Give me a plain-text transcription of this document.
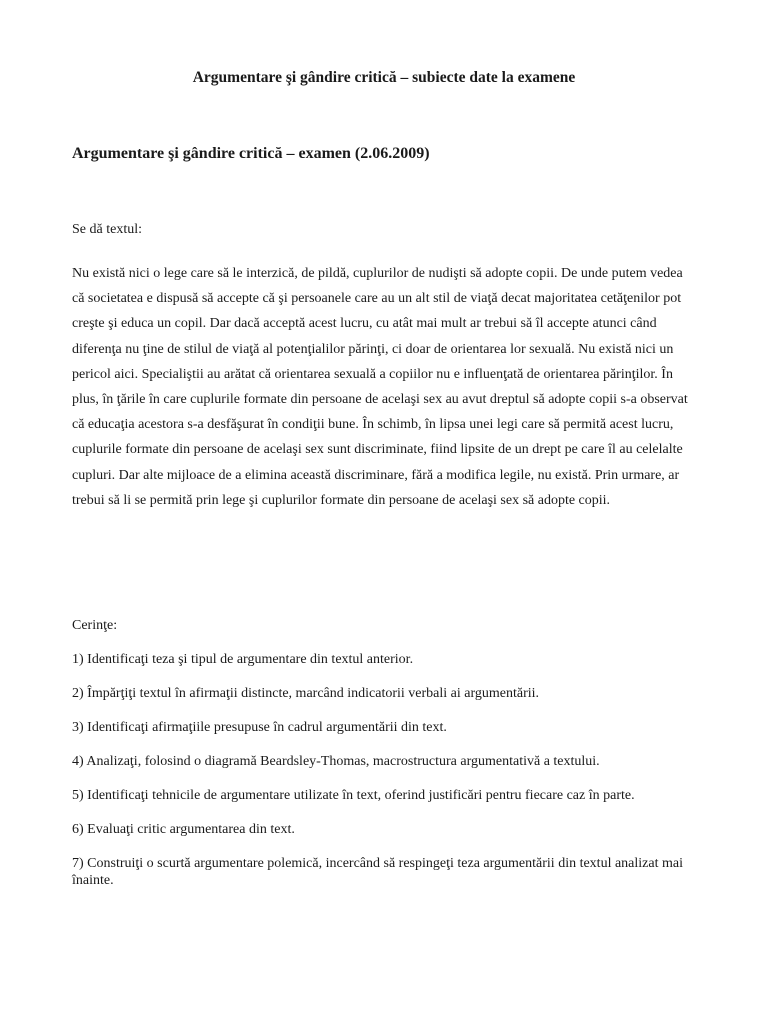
Argumentare şi gândire critică – subiecte date la examene
Argumentare şi gândire critică – examen (2.06.2009)

Se dă textul:

Nu există nici o lege care să le interzică, de pildă, cuplurilor de nudişti să adopte copii. De unde putem vedea că societatea e dispusă să accepte că şi persoanele care au un alt stil de viaţă decat majoritatea cetăţenilor pot creşte şi educa un copil. Dar dacă acceptă acest lucru, cu atât mai mult ar trebui să îl accepte atunci când diferenţa nu ţine de stilul de viaţă al potenţialilor părinţi, ci doar de orientarea lor sexuală. Nu există nici un pericol aici. Specialiştii au arătat că orientarea sexuală a copiilor nu e influenţată de orientarea părinţilor. În plus, în ţările în care cuplurile formate din persoane de acelaşi sex au avut dreptul să adopte copii s-a observat că educaţia acestora s-a desfăşurat în condiţii bune. În schimb, în lipsa unei legi care să permită acest lucru, cuplurile formate din persoane de acelaşi sex sunt discriminate, fiind lipsite de un drept pe care îl au celelalte cupluri. Dar alte mijloace de a elimina această discriminare, fără a modifica legile, nu există. Prin urmare, ar trebui să li se permită prin lege şi cuplurilor formate din persoane de acelaşi sex să adopte copii.

Cerinţe:

1) Identificaţi teza şi tipul de argumentare din textul anterior.
2) Împărţiţi textul în afirmaţii distincte, marcând indicatorii verbali ai argumentării.
3) Identificaţi afirmaţiile presupuse în cadrul argumentării din text.
4) Analizaţi, folosind o diagramă Beardsley-Thomas, macrostructura argumentativă a textului.
5) Identificaţi tehnicile de argumentare utilizate în text, oferind justificări pentru fiecare caz în parte.
6) Evaluaţi critic argumentarea din text.
7) Construiţi o scurtă argumentare polemică, incercând să respingeţi teza argumentării din textul analizat mai înainte.
